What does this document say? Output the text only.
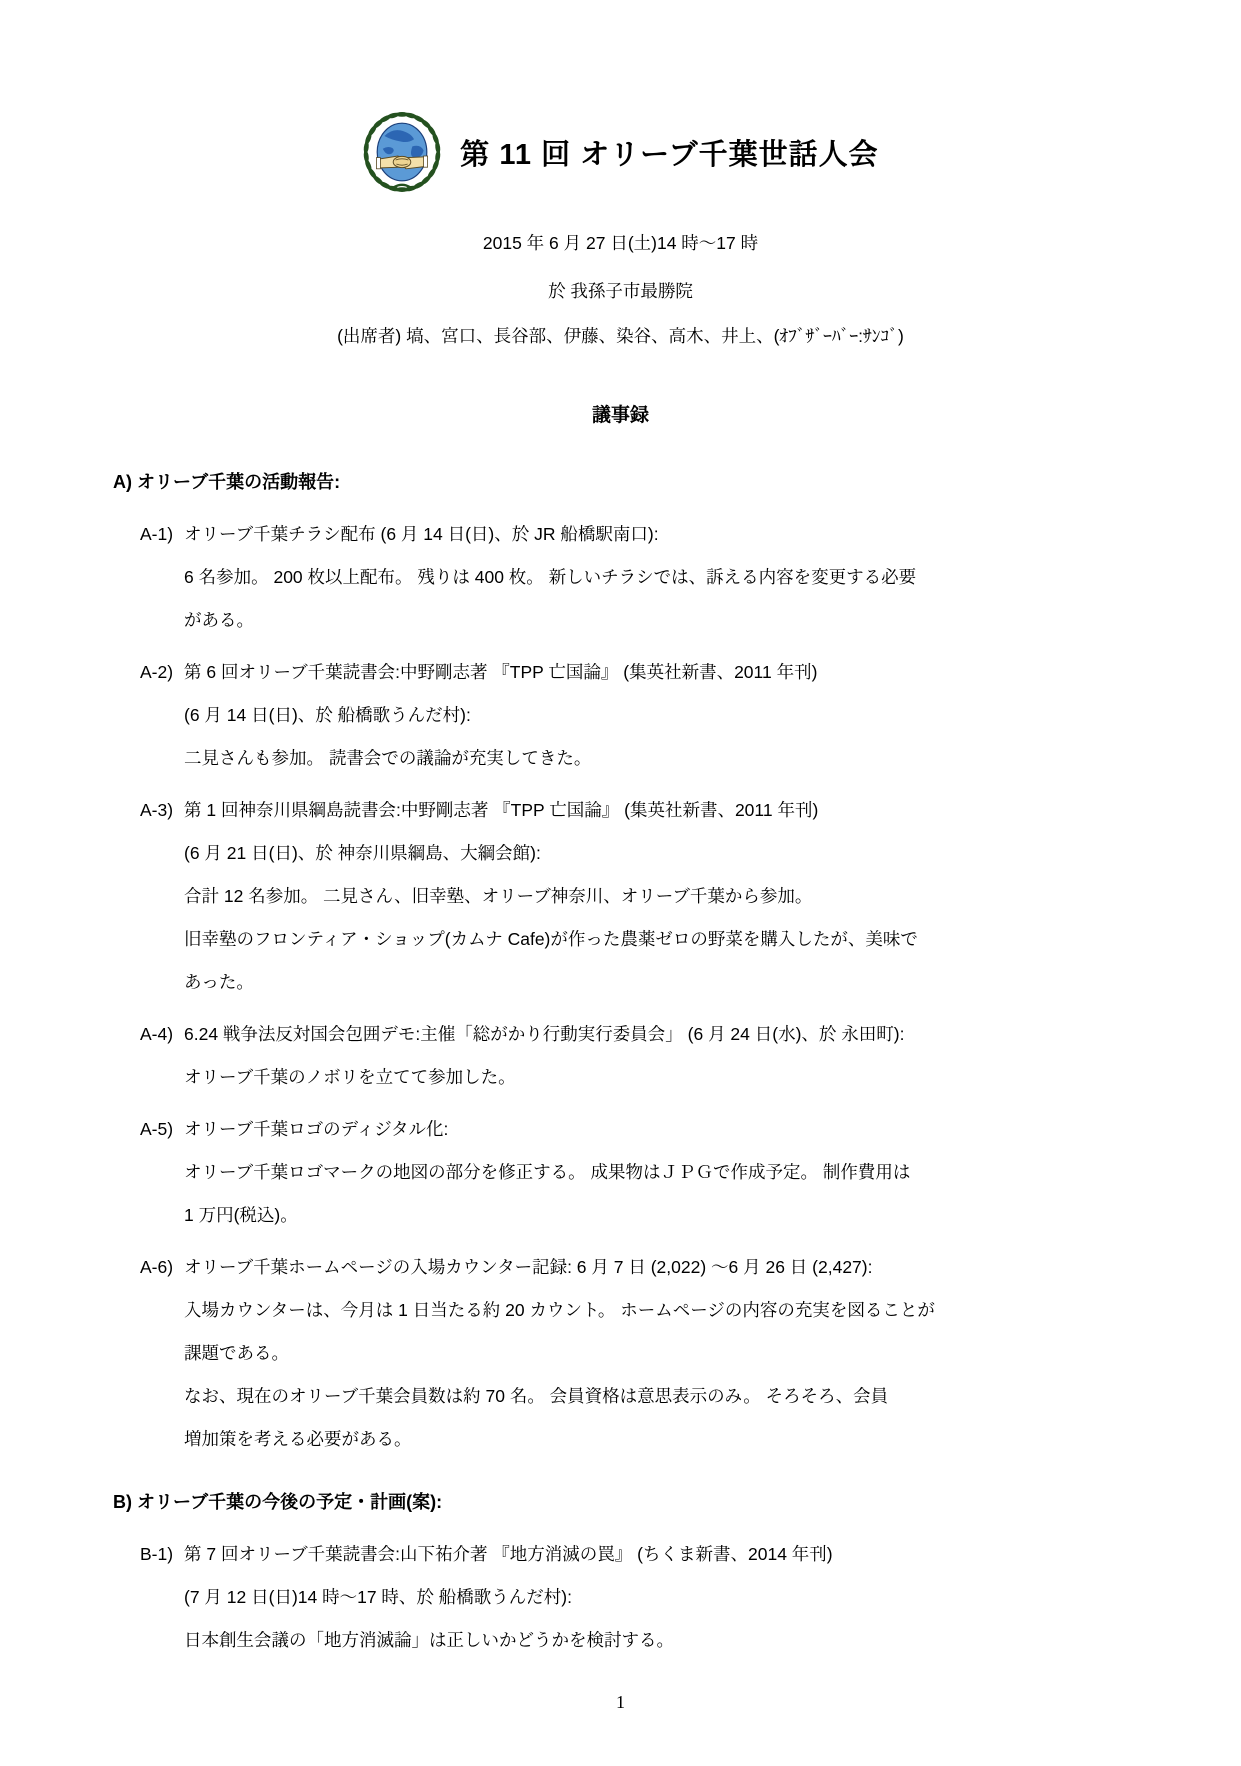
第 11 回 オリーブ千葉世話人会
2015 年 6 月 27 日(土)14 時～17 時
於 我孫子市最勝院
(出席者) 塙、宮口、長谷部、伊藤、染谷、高木、井上、(ｵﾌﾞｻﾞｰﾊﾞｰ:ｻﾝｺﾞ)
議事録
A) オリーブ千葉の活動報告:
A-1) オリーブ千葉チラシ配布 (6 月 14 日(日)、於 JR 船橋駅南口):
6 名参加。 200 枚以上配布。 残りは 400 枚。 新しいチラシでは、訴える内容を変更する必要
がある。
A-2) 第 6 回オリーブ千葉読書会:中野剛志著 『TPP 亡国論』 (集英社新書、2011 年刊)
(6 月 14 日(日)、於 船橋歌うんだ村):
二見さんも参加。 読書会での議論が充実してきた。
A-3) 第 1 回神奈川県綱島読書会:中野剛志著 『TPP 亡国論』 (集英社新書、2011 年刊)
(6 月 21 日(日)、於 神奈川県綱島、大綱会館):
合計 12 名参加。 二見さん、旧幸塾、オリーブ神奈川、オリーブ千葉から参加。
旧幸塾のフロンティア・ショップ(カムナ Cafe)が作った農薬ゼロの野菜を購入したが、美味で
あった。
A-4) 6.24 戦争法反対国会包囲デモ:主催「総がかり行動実行委員会」 (6 月 24 日(水)、於 永田町):
オリーブ千葉のノボリを立てて参加した。
A-5) オリーブ千葉ロゴのディジタル化:
オリーブ千葉ロゴマークの地図の部分を修正する。 成果物はＪＰＧで作成予定。 制作費用は
1 万円(税込)。
A-6) オリーブ千葉ホームページの入場カウンター記録: 6 月 7 日 (2,022) ～6 月 26 日 (2,427):
入場カウンターは、今月は 1 日当たる約 20 カウント。 ホームページの内容の充実を図ることが
課題である。
なお、現在のオリーブ千葉会員数は約 70 名。 会員資格は意思表示のみ。 そろそろ、会員
増加策を考える必要がある。
B) オリーブ千葉の今後の予定・計画(案):
B-1) 第 7 回オリーブ千葉読書会:山下祐介著 『地方消滅の罠』 (ちくま新書、2014 年刊)
(7 月 12 日(日)14 時～17 時、於 船橋歌うんだ村):
日本創生会議の「地方消滅論」は正しいかどうかを検討する。
1
